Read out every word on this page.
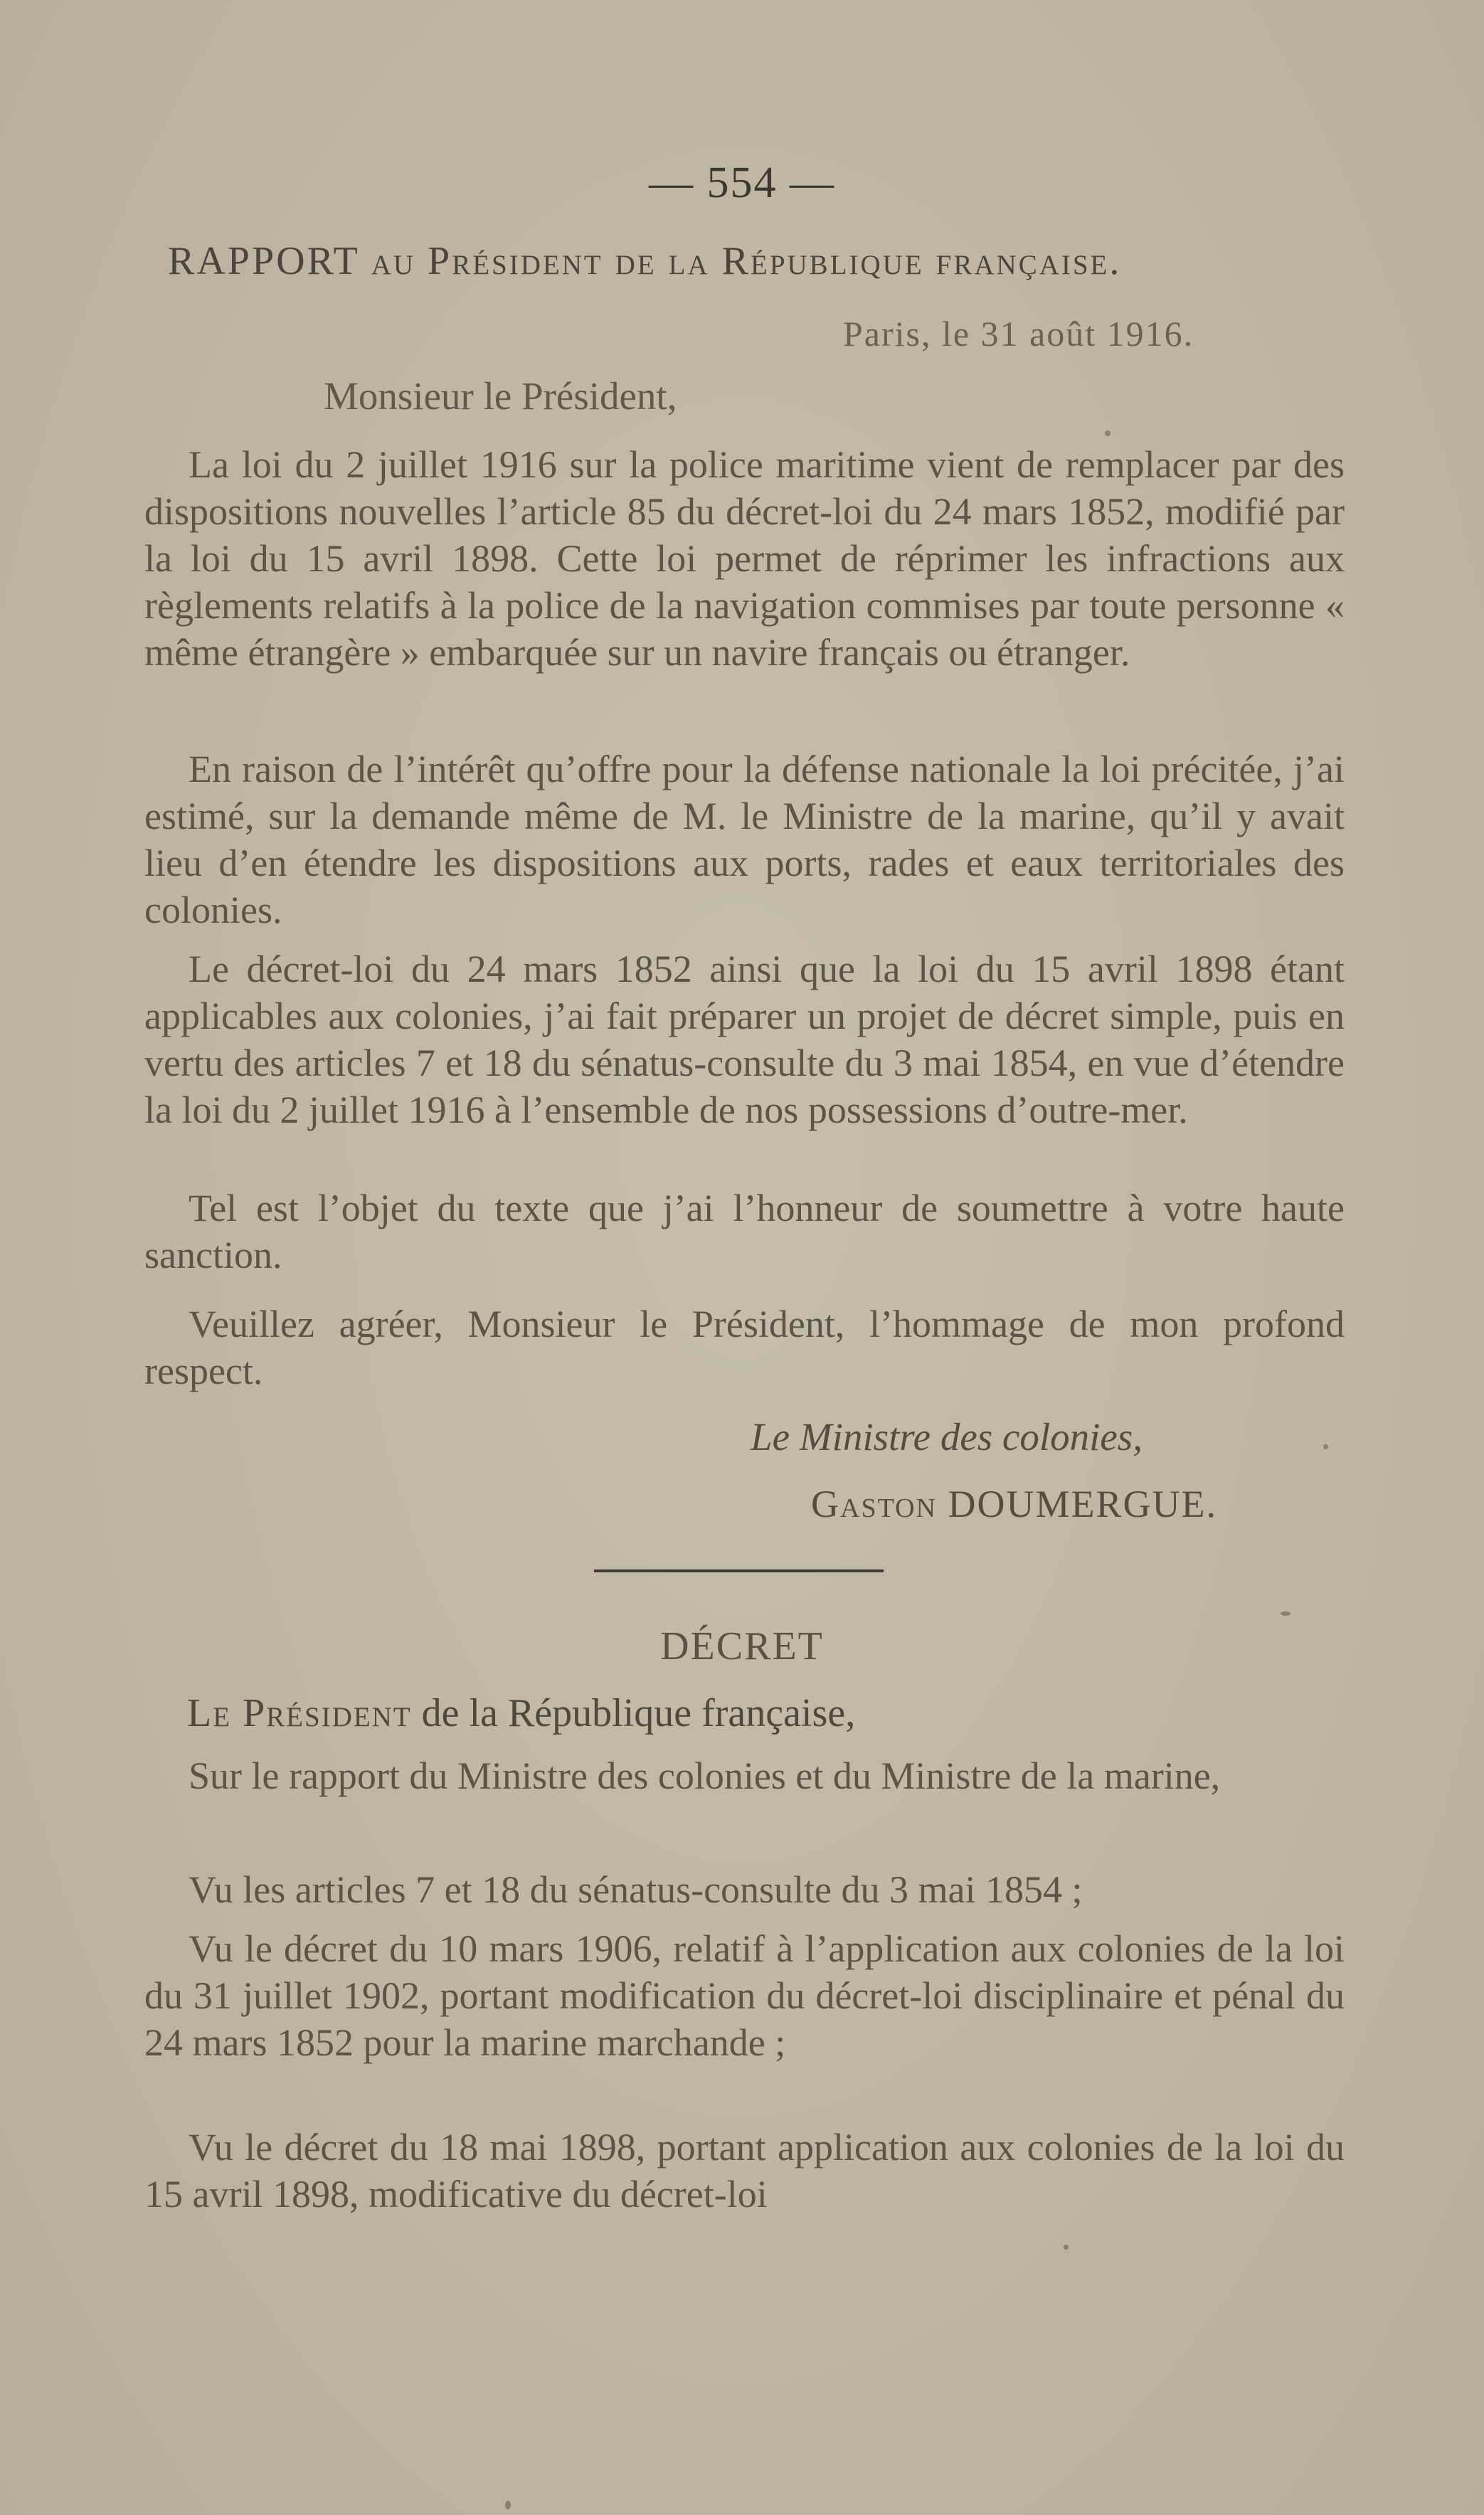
— 554 —
RAPPORT au Président de la République française.
Paris, le 31 août 1916.
Monsieur le Président,

La loi du 2 juillet 1916 sur la police maritime vient de remplacer par des dispositions nouvelles l’article 85 du décret-loi du 24 mars 1852, modifié par la loi du 15 avril 1898. Cette loi permet de réprimer les infractions aux règlements relatifs à la police de la navigation commises par toute personne « même étrangère » embarquée sur un navire français ou étranger.

En raison de l’intérêt qu’offre pour la défense nationale la loi précitée, j’ai estimé, sur la demande même de M. le Ministre de la marine, qu’il y avait lieu d’en étendre les dispositions aux ports, rades et eaux territoriales des colonies.

Le décret-loi du 24 mars 1852 ainsi que la loi du 15 avril 1898 étant applicables aux colonies, j’ai fait préparer un projet de décret simple, puis en vertu des articles 7 et 18 du sénatus-consulte du 3 mai 1854, en vue d’étendre la loi du 2 juillet 1916 à l’ensemble de nos possessions d’outre-mer.

Tel est l’objet du texte que j’ai l’honneur de soumettre à votre haute sanction.

Veuillez agréer, Monsieur le Président, l’hommage de mon profond respect.

Le Ministre des colonies,
Gaston DOUMERGUE.
DÉCRET
Le Président de la République française,

Sur le rapport du Ministre des colonies et du Ministre de la marine,

Vu les articles 7 et 18 du sénatus-consulte du 3 mai 1854 ;

Vu le décret du 10 mars 1906, relatif à l’application aux colonies de la loi du 31 juillet 1902, portant modification du décret-loi disciplinaire et pénal du 24 mars 1852 pour la marine marchande ;

Vu le décret du 18 mai 1898, portant application aux colonies de la loi du 15 avril 1898, modificative du décret-loi
